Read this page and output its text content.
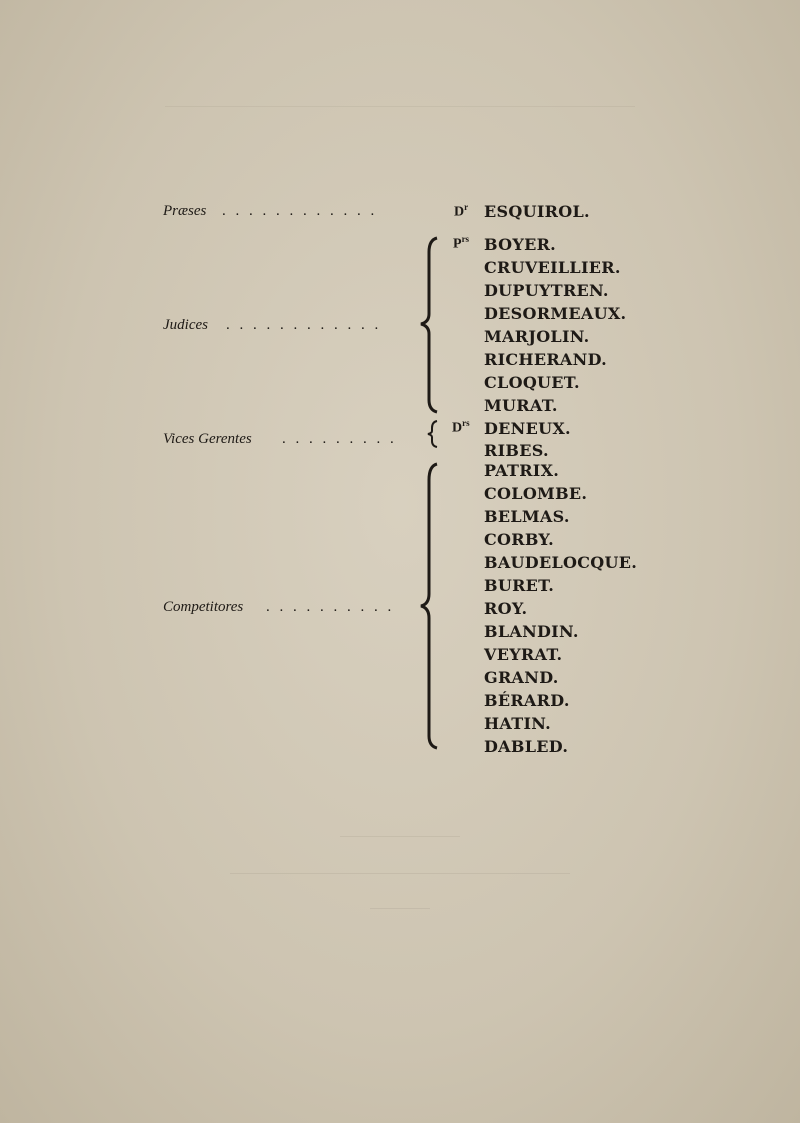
Præses . . . . . . . . . . . .	$D^r$ ESQUIROL.
Judices . . . . . . . . . . . .
$P^{rs}$ BOYER.
CRUVEILLIER.
DUPUYTREN.
DESORMEAUX.
MARJOLIN.
RICHERAND.
CLOQUET.
MURAT.
Vices Gerentes . . . . . . . . .
$D^{rs}$ DENEUX.
RIBES.
Competitores . . . . . . . . . .
PATRIX.
COLOMBE.
BELMAS.
CORBY.
BAUDELOCQUE.
BURET.
ROY.
BLANDIN.
VEYRAT.
GRAND.
BÉRARD.
HATIN.
DABLED.
